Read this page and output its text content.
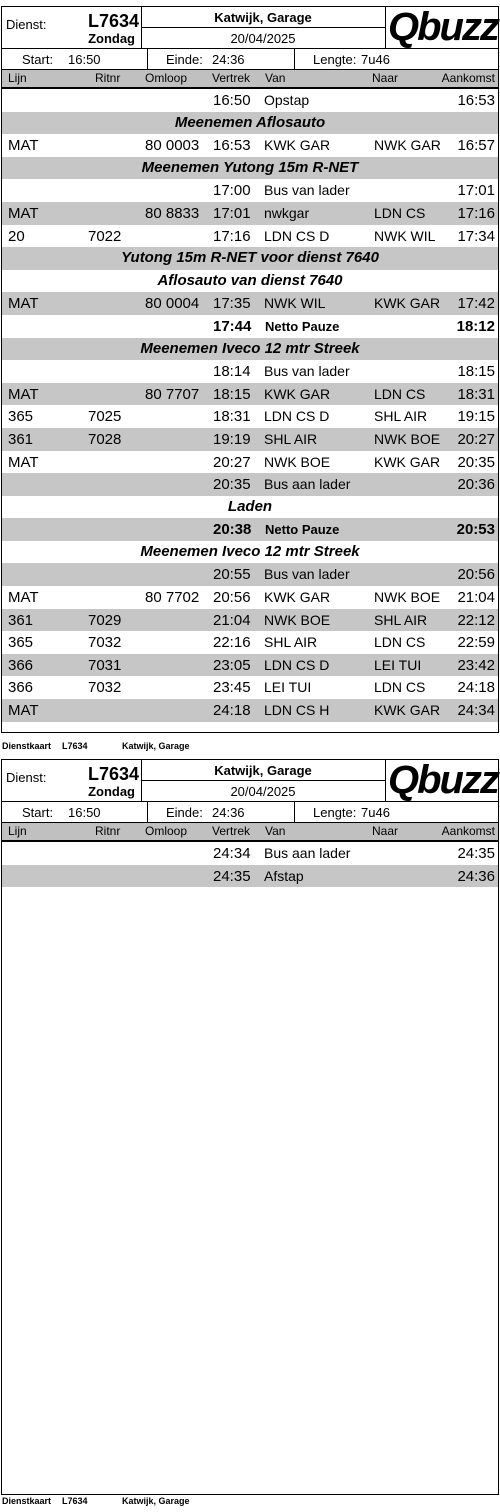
Dienst: L7634
Zondag
Katwijk, Garage
20/04/2025	Qbuzz
Start: 16:50	Einde: 24:36	Lengte: 7u46
Lijn	Ritnr Omloop Vertrek Van	Naar	Aankomst
16:50 Opstap	16:53
Meenemen Aflosauto
MAT	80 0003 16:53 KWK GAR	NWK GAR 16:57
Meenemen Yutong 15m R-NET
17:00 Bus van lader	17:01
MAT	80 8833 17:01 nwkgar	LDN CS 17:16
20	7022	17:16 LDN CS D	NWK WIL 17:34
Yutong 15m R-NET voor dienst 7640
Aflosauto van dienst 7640
MAT	80 0004 17:35 NWK WIL	KWK GAR 17:42
17:44 Netto Pauze	18:12
Meenemen Iveco 12 mtr Streek
18:14 Bus van lader	18:15
MAT	80 7707 18:15 KWK GAR	LDN CS 18:31
365	7025	18:31 LDN CS D	SHL AIR 19:15
361	7028	19:19 SHL AIR	NWK BOE 20:27
MAT	20:27 NWK BOE	KWK GAR 20:35
20:35 Bus aan lader	20:36
Laden
20:38 Netto Pauze	20:53
Meenemen Iveco 12 mtr Streek
20:55 Bus van lader	20:56
MAT	80 7702 20:56 KWK GAR	NWK BOE 21:04
361	7029	21:04 NWK BOE	SHL AIR 22:12
365	7032	22:16 SHL AIR	LDN CS 22:59
366	7031	23:05 LDN CS D	LEI TUI 23:42
366	7032	23:45 LEI TUI	LDN CS 24:18
MAT	24:18 LDN CS H	KWK GAR 24:34
Dienstkaart L7634	Katwijk, Garage
Dienst: L7634
Zondag
Katwijk, Garage
20/04/2025	Qbuzz
Start: 16:50	Einde: 24:36	Lengte: 7u46
Lijn	Ritnr Omloop Vertrek Van	Naar	Aankomst
24:34 Bus aan lader	24:35
24:35 Afstap	24:36
Dienstkaart L7634	Katwijk, Garage
